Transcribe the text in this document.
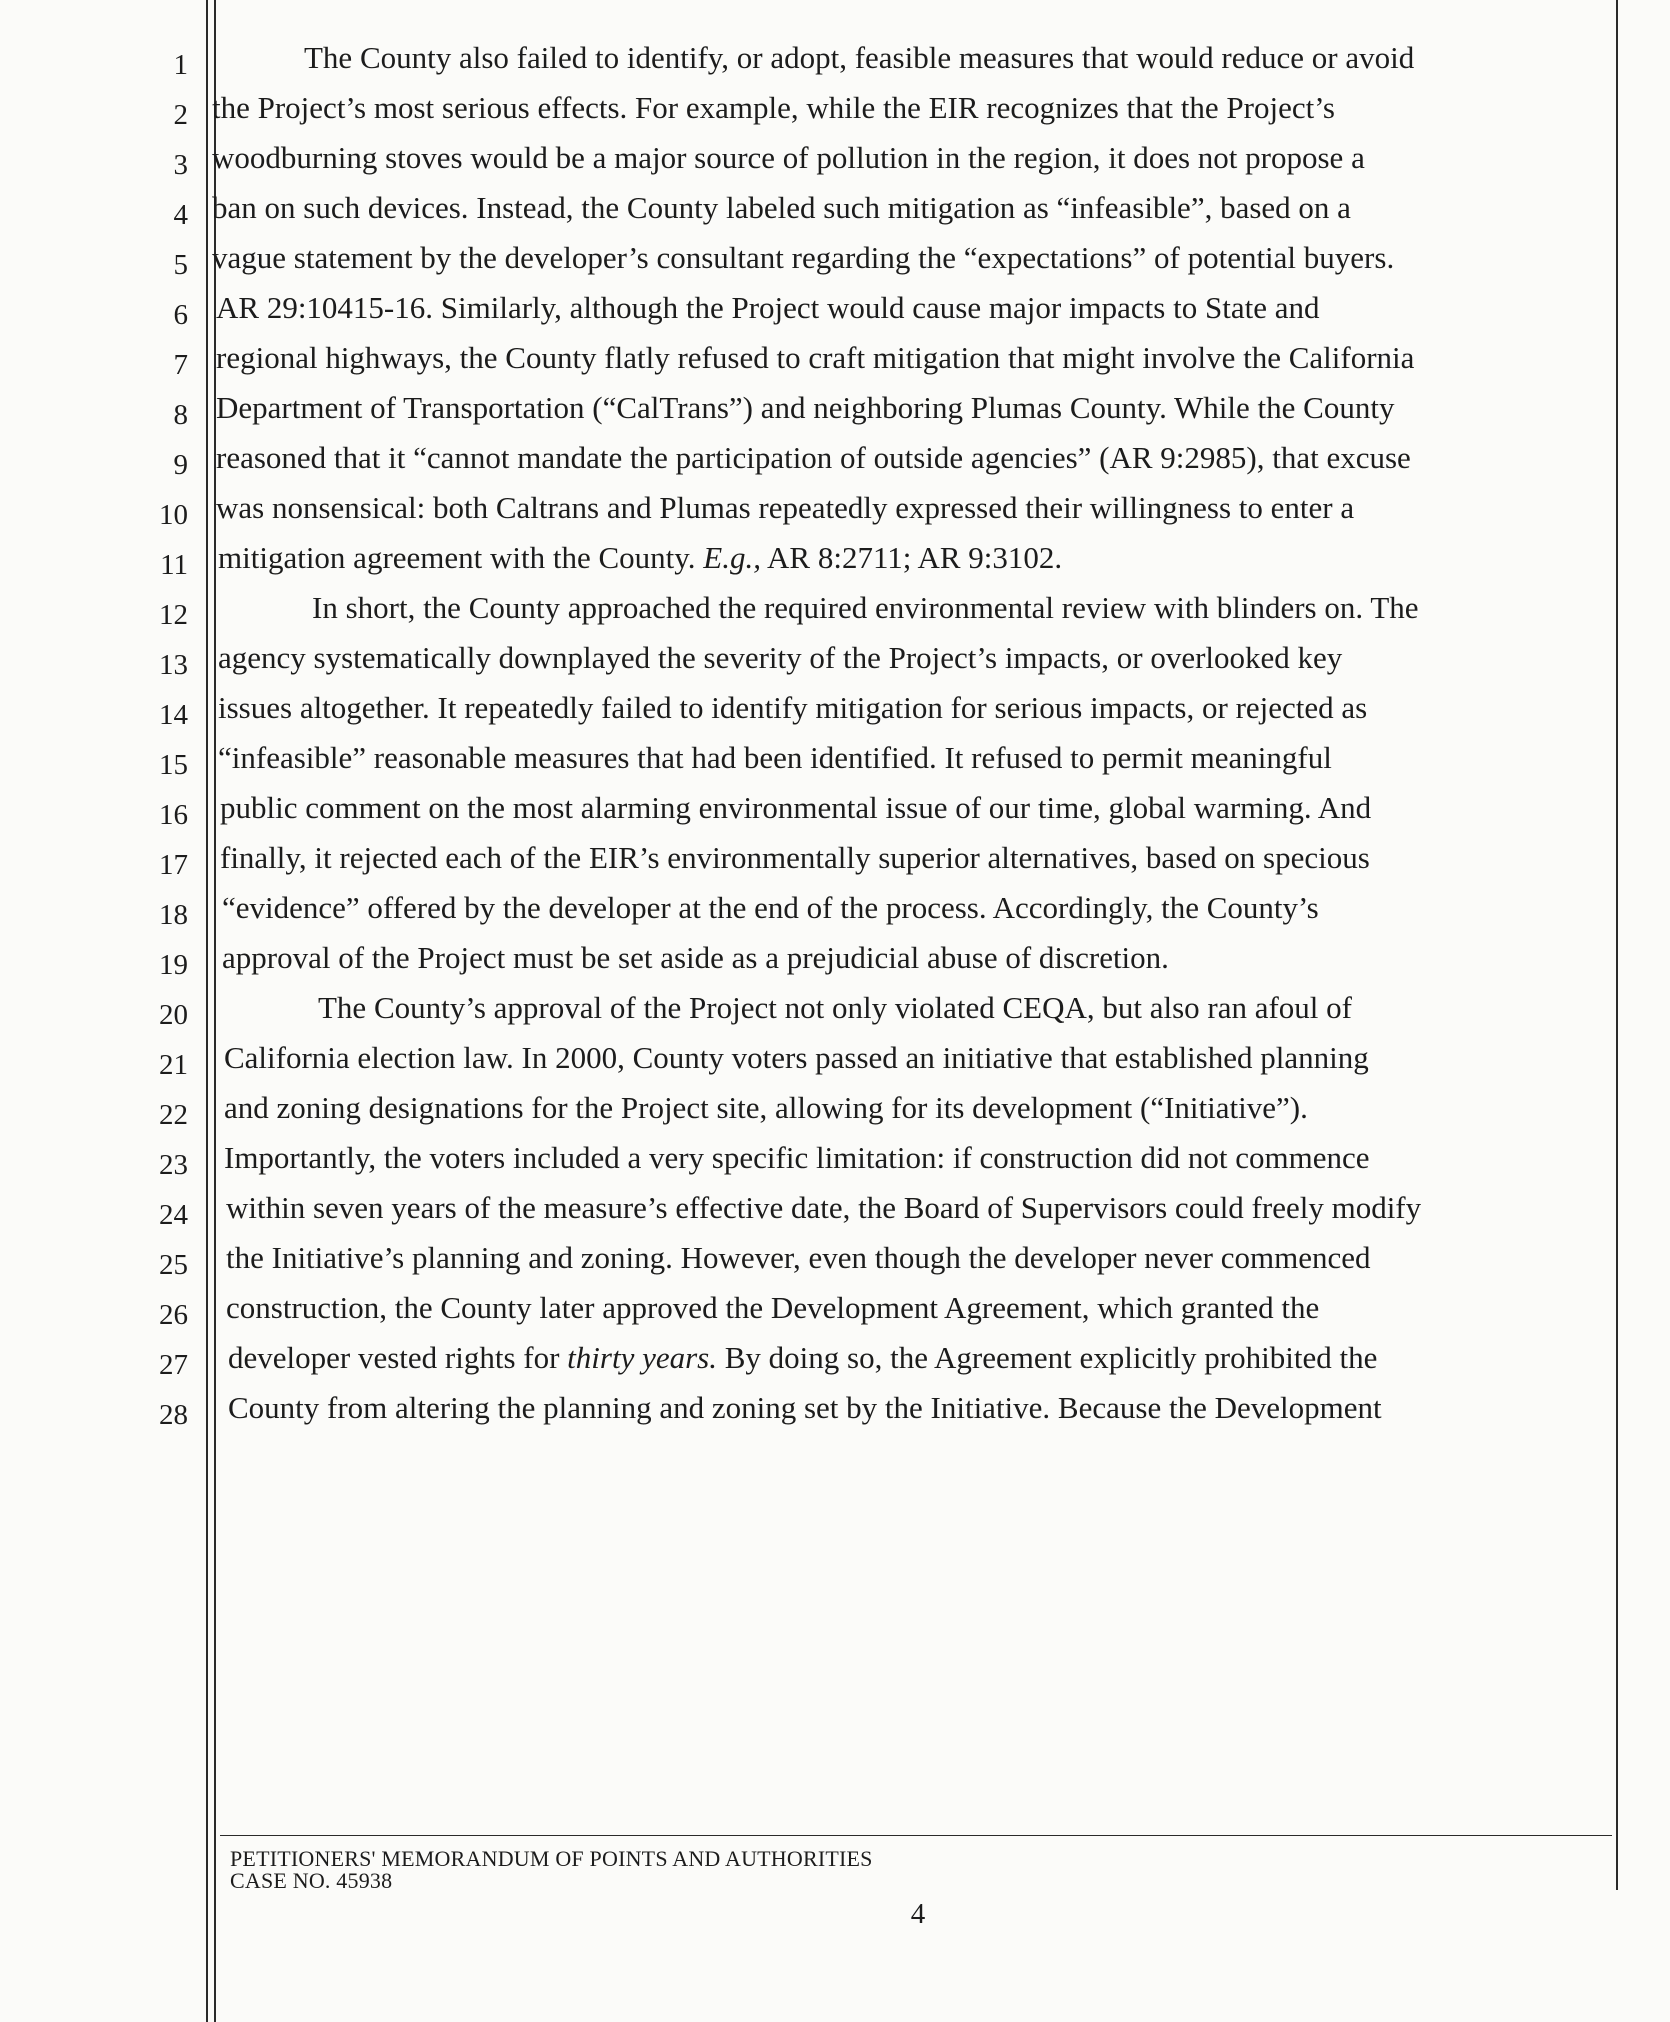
1
2
3
4
5
6
7
8
9
10
11
12
13
14
15
16
17
18
19
20
21
22
23
24
25
26
27
28
The County also failed to identify, or adopt, feasible measures that would reduce or avoid
the Project’s most serious effects. For example, while the EIR recognizes that the Project’s
woodburning stoves would be a major source of pollution in the region, it does not propose a
ban on such devices. Instead, the County labeled such mitigation as “infeasible”, based on a
vague statement by the developer’s consultant regarding the “expectations” of potential buyers.
AR 29:10415-16. Similarly, although the Project would cause major impacts to State and
regional highways, the County flatly refused to craft mitigation that might involve the California
Department of Transportation (“CalTrans”) and neighboring Plumas County. While the County
reasoned that it “cannot mandate the participation of outside agencies” (AR 9:2985), that excuse
was nonsensical: both Caltrans and Plumas repeatedly expressed their willingness to enter a
mitigation agreement with the County. E.g., AR 8:2711; AR 9:3102.
In short, the County approached the required environmental review with blinders on. The
agency systematically downplayed the severity of the Project’s impacts, or overlooked key
issues altogether. It repeatedly failed to identify mitigation for serious impacts, or rejected as
“infeasible” reasonable measures that had been identified. It refused to permit meaningful
public comment on the most alarming environmental issue of our time, global warming. And
finally, it rejected each of the EIR’s environmentally superior alternatives, based on specious
“evidence” offered by the developer at the end of the process. Accordingly, the County’s
approval of the Project must be set aside as a prejudicial abuse of discretion.
The County’s approval of the Project not only violated CEQA, but also ran afoul of
California election law. In 2000, County voters passed an initiative that established planning
and zoning designations for the Project site, allowing for its development (“Initiative”).
Importantly, the voters included a very specific limitation: if construction did not commence
within seven years of the measure’s effective date, the Board of Supervisors could freely modify
the Initiative’s planning and zoning. However, even though the developer never commenced
construction, the County later approved the Development Agreement, which granted the
developer vested rights for thirty years. By doing so, the Agreement explicitly prohibited the
County from altering the planning and zoning set by the Initiative. Because the Development
PETITIONERS' MEMORANDUM OF POINTS AND AUTHORITIES
CASE NO. 45938
4
